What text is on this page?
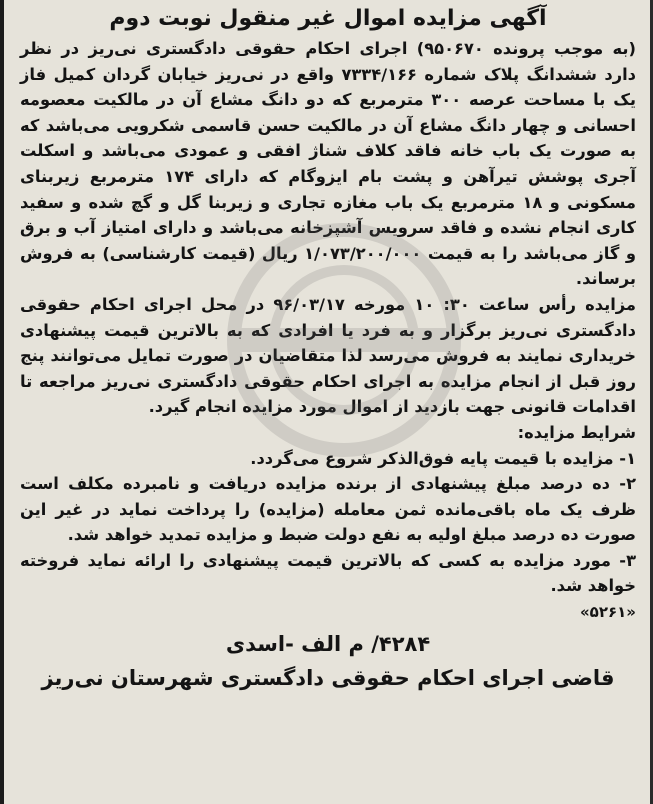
آگهی مزایده اموال غیر منقول نوبت دوم

(به موجب پرونده ۹۵۰۶۷۰) اجرای احکام حقوقی دادگستری نی‌ریز در نظر دارد ششدانگ پلاک شماره ۷۳۳۴/۱۶۶ واقع در نی‌ریز خیابان گردان کمیل فاز یک با مساحت عرصه ۳۰۰ مترمربع که دو دانگ مشاع آن در مالکیت معصومه احسانی و چهار دانگ مشاع آن در مالکیت حسن قاسمی شکرویی می‌باشد که به صورت یک باب خانه فاقد کلاف شناژ افقی و عمودی می‌باشد و اسکلت آجری پوشش تیرآهن و پشت بام ایزوگام که دارای ۱۷۴ مترمربع زیربنای مسکونی و ۱۸ مترمربع یک باب مغازه تجاری و زیربنا گل و گچ شده و سفید کاری انجام نشده و فاقد سرویس آشپزخانه می‌باشد و دارای امتیاز آب و برق و گاز می‌باشد را به قیمت ۱/۰۷۳/۲۰۰/۰۰۰ ریال (قیمت کارشناسی) به فروش برساند.

مزایده رأس ساعت ۳۰: ۱۰ مورخه ۹۶/۰۳/۱۷ در محل اجرای احکام حقوقی دادگستری نی‌ریز برگزار و به فرد یا افرادی که به بالاترین قیمت پیشنهادی خریداری نمایند به فروش می‌رسد لذا متقاضیان در صورت تمایل می‌توانند پنج روز قبل از انجام مزایده به اجرای احکام حقوقی دادگستری نی‌ریز مراجعه تا اقدامات قانونی جهت بازدید از اموال مورد مزایده انجام گیرد.

شرایط مزایده:

۱- مزایده با قیمت پایه فوق‌الذکر شروع می‌گردد.

۲- ده درصد مبلغ پیشنهادی از برنده مزایده دریافت و نامبرده مکلف است ظرف یک ماه باقی‌مانده ثمن معامله (مزایده) را پرداخت نماید در غیر این صورت ده درصد مبلغ اولیه به نفع دولت ضبط و مزایده تمدید خواهد شد.

۳- مورد مزایده به کسی که بالاترین قیمت پیشنهادی را ارائه نماید فروخته خواهد شد.

«۵۲۶۱»

۴۲۸۴/ م الف -اسدی

قاضی اجرای احکام حقوقی دادگستری شهرستان نی‌ریز
